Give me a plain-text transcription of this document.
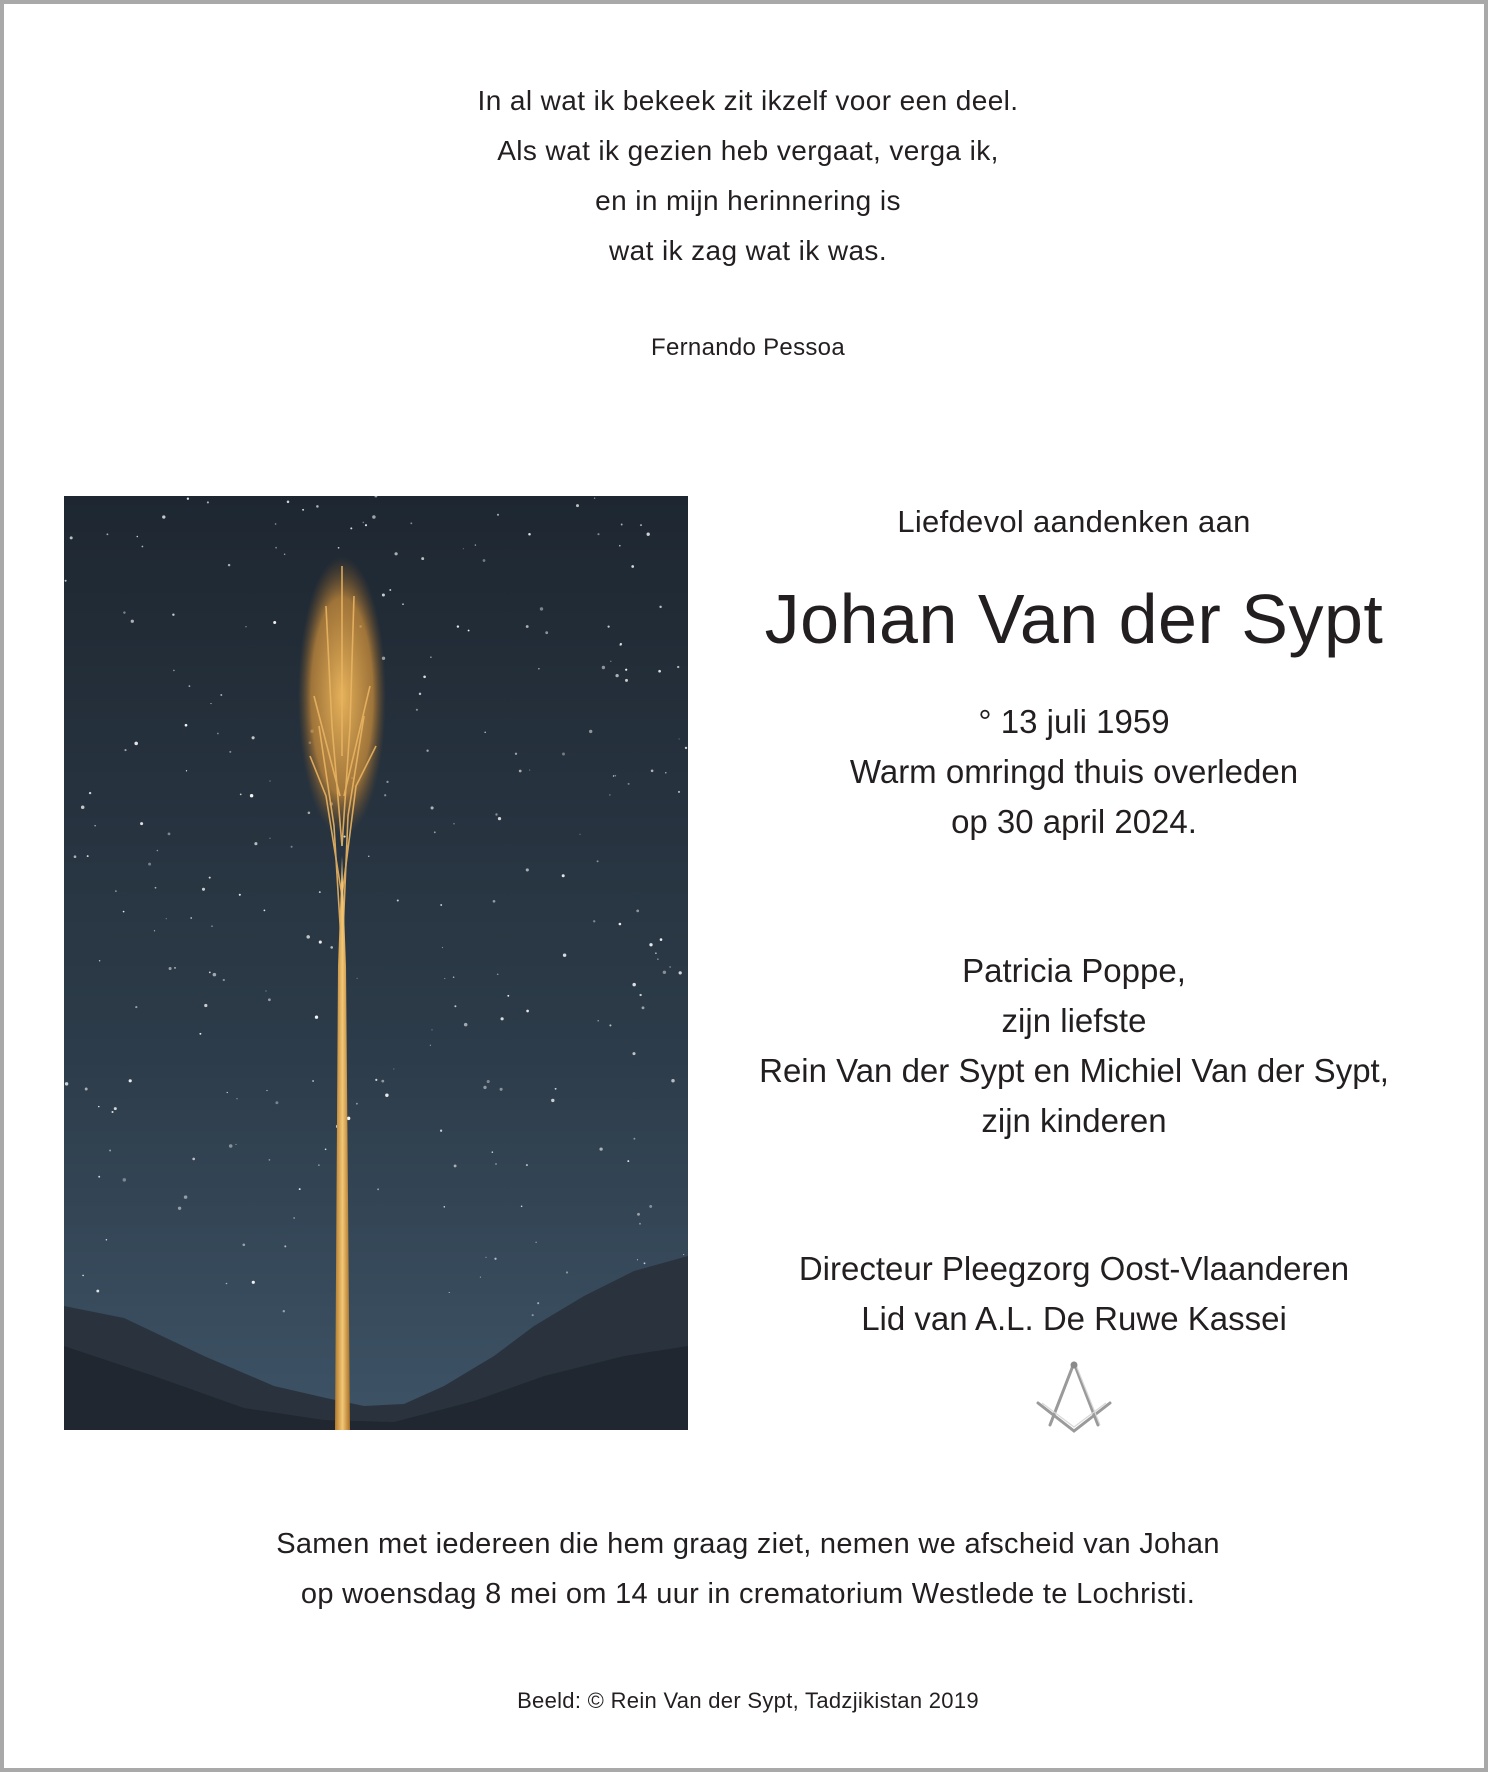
In al wat ik bekeek zit ikzelf voor een deel.
Als wat ik gezien heb vergaat, verga ik,
en in mijn herinnering is
wat ik zag wat ik was.
Fernando Pessoa
Liefdevol aandenken aan
Johan Van der Sypt
° 13 juli 1959
Warm omringd thuis overleden
op 30 april 2024.
Patricia Poppe,
zijn liefste
Rein Van der Sypt en Michiel Van der Sypt,
zijn kinderen
Directeur Pleegzorg Oost-Vlaanderen
Lid van A.L. De Ruwe Kassei
Samen met iedereen die hem graag ziet, nemen we afscheid van Johan
op woensdag 8 mei om 14 uur in crematorium Westlede te Lochristi.
Beeld: © Rein Van der Sypt, Tadzjikistan 2019
